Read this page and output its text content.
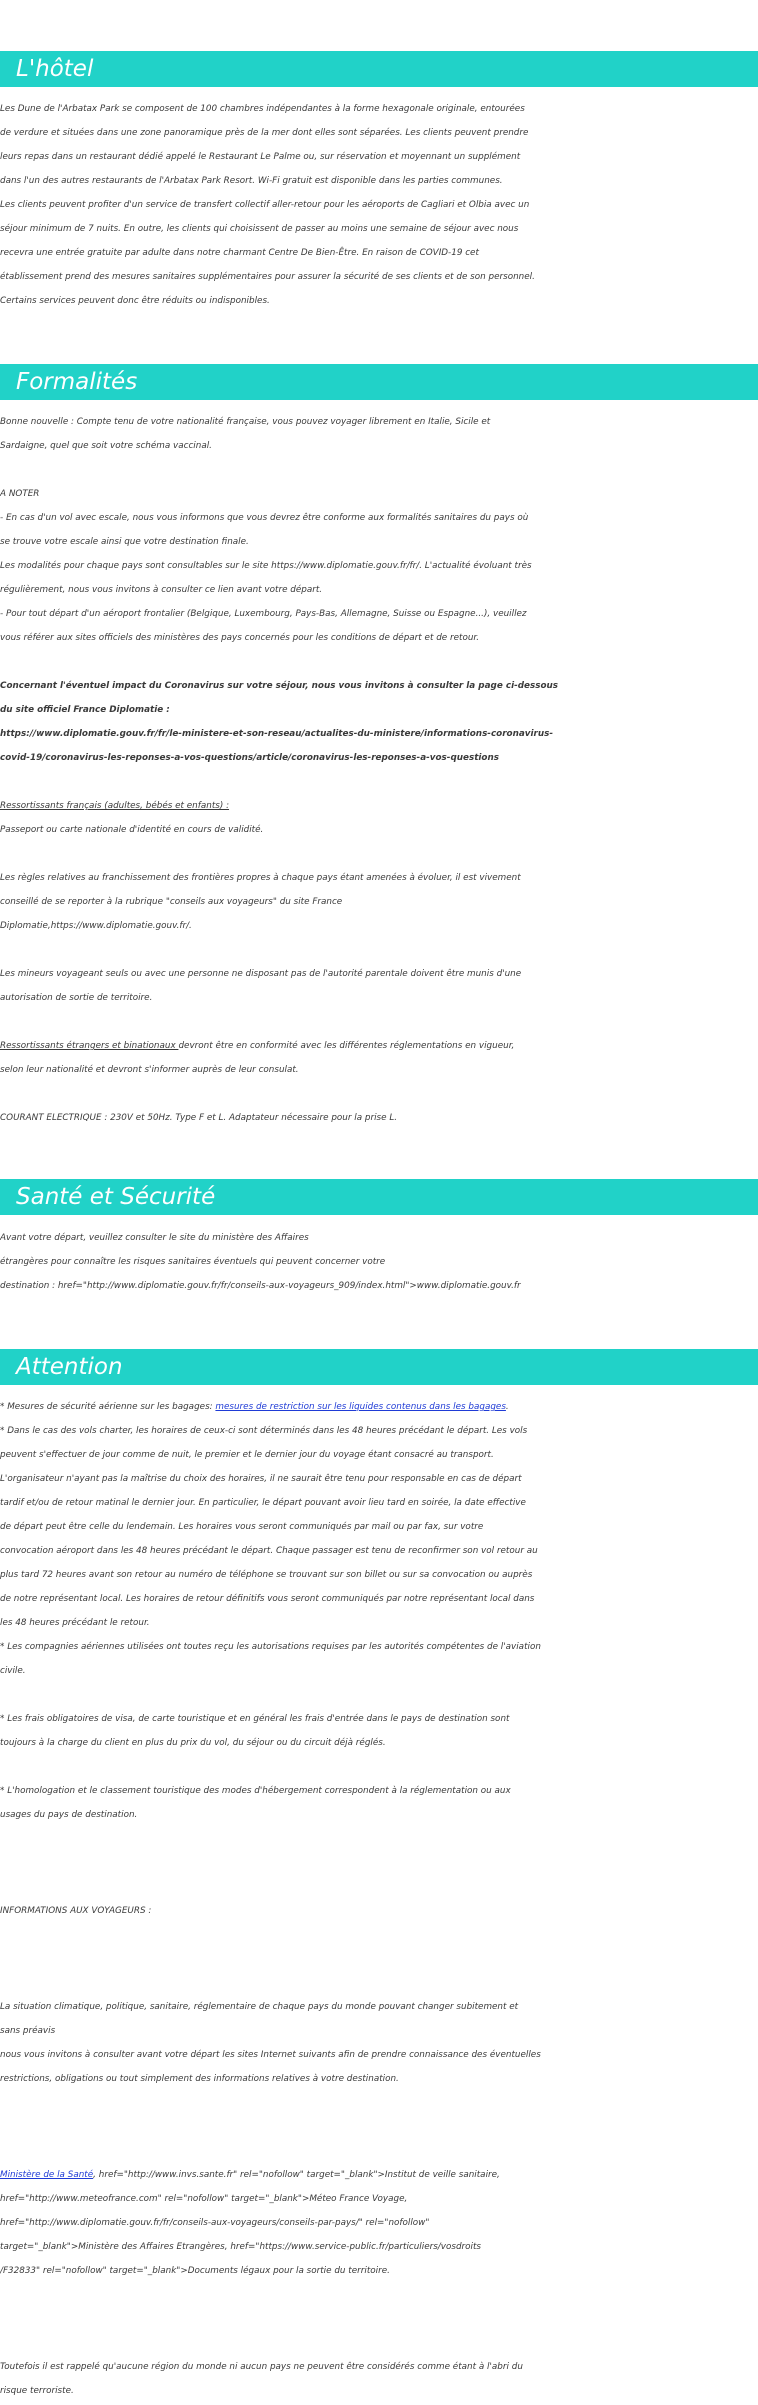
L'hôtel
Les Dune de l'Arbatax Park se composent de 100 chambres indépendantes à la forme hexagonale originale, entourées
de verdure et situées dans une zone panoramique près de la mer dont elles sont séparées. Les clients peuvent prendre
leurs repas dans un restaurant dédié appelé le Restaurant Le Palme ou, sur réservation et moyennant un supplément
dans l'un des autres restaurants de l'Arbatax Park Resort. Wi-Fi gratuit est disponible dans les parties communes.
Les clients peuvent profiter d'un service de transfert collectif aller-retour pour les aéroports de Cagliari et Olbia avec un
séjour minimum de 7 nuits. En outre, les clients qui choisissent de passer au moins une semaine de séjour avec nous
recevra une entrée gratuite par adulte dans notre charmant Centre De Bien-Être. En raison de COVID-19 cet
établissement prend des mesures sanitaires supplémentaires pour assurer la sécurité de ses clients et de son personnel.
Certains services peuvent donc être réduits ou indisponibles.
Formalités
Bonne nouvelle : Compte tenu de votre nationalité française, vous pouvez voyager librement en Italie, Sicile et
Sardaigne, quel que soit votre schéma vaccinal.
A NOTER
- En cas d'un vol avec escale, nous vous informons que vous devrez être conforme aux formalités sanitaires du pays où
se trouve votre escale ainsi que votre destination finale.
Les modalités pour chaque pays sont consultables sur le site https://www.diplomatie.gouv.fr/fr/. L'actualité évoluant très
régulièrement, nous vous invitons à consulter ce lien avant votre départ.
- Pour tout départ d'un aéroport frontalier (Belgique, Luxembourg, Pays-Bas, Allemagne, Suisse ou Espagne...), veuillez
vous référer aux sites officiels des ministères des pays concernés pour les conditions de départ et de retour.
Concernant l'éventuel impact du Coronavirus sur votre séjour, nous vous invitons à consulter la page ci-dessous
du site officiel France Diplomatie :
https://www.diplomatie.gouv.fr/fr/le-ministere-et-son-reseau/actualites-du-ministere/informations-coronavirus-
covid-19/coronavirus-les-reponses-a-vos-questions/article/coronavirus-les-reponses-a-vos-questions
Ressortissants français (adultes, bébés et enfants) :
Passeport ou carte nationale d'identité en cours de validité.
Les règles relatives au franchissement des frontières propres à chaque pays étant amenées à évoluer, il est vivement
conseillé de se reporter à la rubrique "conseils aux voyageurs" du site France
Diplomatie,https://www.diplomatie.gouv.fr/.
Les mineurs voyageant seuls ou avec une personne ne disposant pas de l'autorité parentale doivent être munis d'une
autorisation de sortie de territoire.
Ressortissants étrangers et binationaux devront être en conformité avec les différentes réglementations en vigueur,
selon leur nationalité et devront s'informer auprès de leur consulat.
COURANT ELECTRIQUE : 230V et 50Hz. Type F et L. Adaptateur nécessaire pour la prise L.
Santé et Sécurité
Avant votre départ, veuillez consulter le site du ministère des Affaires
étrangères pour connaître les risques sanitaires éventuels qui peuvent concerner votre
destination : href="http://www.diplomatie.gouv.fr/fr/conseils-aux-voyageurs_909/index.html">www.diplomatie.gouv.fr
Attention
* Mesures de sécurité aérienne sur les bagages: mesures de restriction sur les liquides contenus dans les bagages.
* Dans le cas des vols charter, les horaires de ceux-ci sont déterminés dans les 48 heures précédant le départ. Les vols
peuvent s'effectuer de jour comme de nuit, le premier et le dernier jour du voyage étant consacré au transport.
L'organisateur n'ayant pas la maîtrise du choix des horaires, il ne saurait être tenu pour responsable en cas de départ
tardif et/ou de retour matinal le dernier jour. En particulier, le départ pouvant avoir lieu tard en soirée, la date effective
de départ peut être celle du lendemain. Les horaires vous seront communiqués par mail ou par fax, sur votre
convocation aéroport dans les 48 heures précédant le départ. Chaque passager est tenu de reconfirmer son vol retour au
plus tard 72 heures avant son retour au numéro de téléphone se trouvant sur son billet ou sur sa convocation ou auprès
de notre représentant local. Les horaires de retour définitifs vous seront communiqués par notre représentant local dans
les 48 heures précédant le retour.
* Les compagnies aériennes utilisées ont toutes reçu les autorisations requises par les autorités compétentes de l'aviation
civile.
* Les frais obligatoires de visa, de carte touristique et en général les frais d'entrée dans le pays de destination sont
toujours à la charge du client en plus du prix du vol, du séjour ou du circuit déjà réglés.
* L'homologation et le classement touristique des modes d'hébergement correspondent à la réglementation ou aux
usages du pays de destination.
INFORMATIONS AUX VOYAGEURS :
La situation climatique, politique, sanitaire, réglementaire de chaque pays du monde pouvant changer subitement et
sans préavis
nous vous invitons à consulter avant votre départ les sites Internet suivants afin de prendre connaissance des éventuelles
restrictions, obligations ou tout simplement des informations relatives à votre destination.
Ministère de la Santé, href="http://www.invs.sante.fr" rel="nofollow" target="_blank">Institut de veille sanitaire,
href="http://www.meteofrance.com" rel="nofollow" target="_blank">Méteo France Voyage,
href="http://www.diplomatie.gouv.fr/fr/conseils-aux-voyageurs/conseils-par-pays/" rel="nofollow"
target="_blank">Ministère des Affaires Etrangères, href="https://www.service-public.fr/particuliers/vosdroits
/F32833" rel="nofollow" target="_blank">Documents légaux pour la sortie du territoire.
Toutefois il est rappelé qu'aucune région du monde ni aucun pays ne peuvent être considérés comme étant à l'abri du
risque terroriste.
